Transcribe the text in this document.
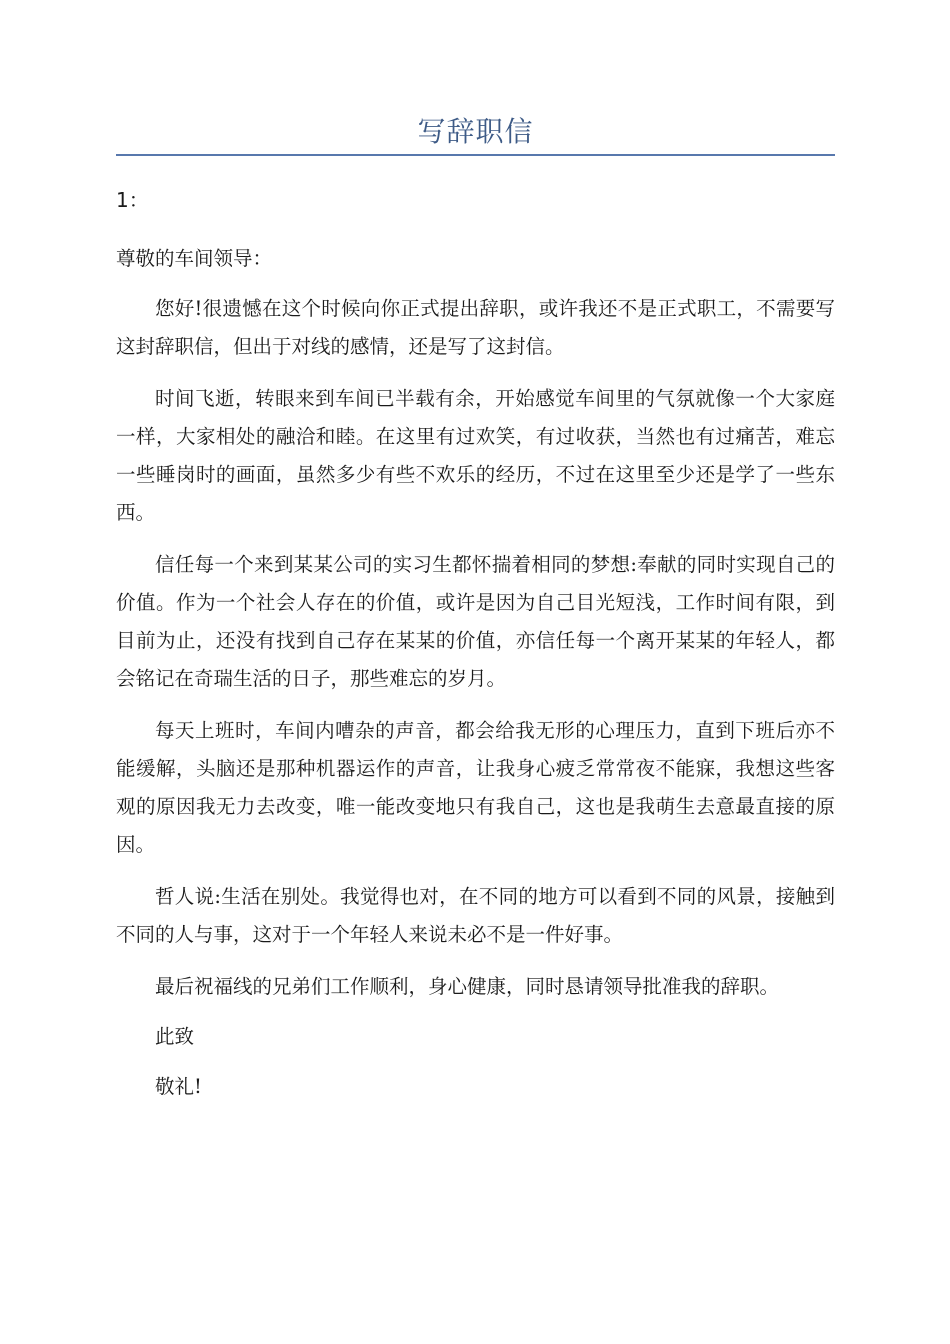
写辞职信

1：

尊敬的车间领导：

您好!很遗憾在这个时候向你正式提出辞职，或许我还不是正式职工，不需要写这封辞职信，但出于对线的感情，还是写了这封信。

时间飞逝，转眼来到车间已半载有余，开始感觉车间里的气氛就像一个大家庭一样，大家相处的融洽和睦。在这里有过欢笑，有过收获，当然也有过痛苦，难忘一些睡岗时的画面，虽然多少有些不欢乐的经历，不过在这里至少还是学了一些东西。

信任每一个来到某某公司的实习生都怀揣着相同的梦想:奉献的同时实现自己的价值。作为一个社会人存在的价值，或许是因为自己目光短浅，工作时间有限，到目前为止，还没有找到自己存在某某的价值，亦信任每一个离开某某的年轻人，都会铭记在奇瑞生活的日子，那些难忘的岁月。

每天上班时，车间内嘈杂的声音，都会给我无形的心理压力，直到下班后亦不能缓解，头脑还是那种机器运作的声音，让我身心疲乏常常夜不能寐，我想这些客观的原因我无力去改变，唯一能改变地只有我自己，这也是我萌生去意最直接的原因。

哲人说:生活在别处。我觉得也对，在不同的地方可以看到不同的风景，接触到不同的人与事，这对于一个年轻人来说未必不是一件好事。

最后祝福线的兄弟们工作顺利，身心健康，同时恳请领导批准我的辞职。

此致

敬礼!
